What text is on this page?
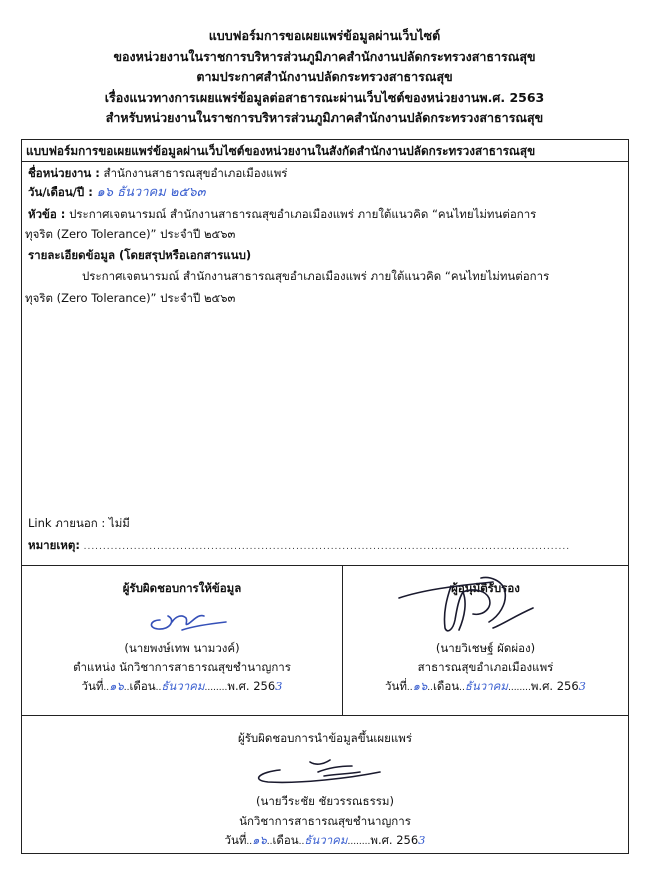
แบบฟอร์มการขอเผยแพร่ข้อมูลผ่านเว็บไซต์
ของหน่วยงานในราชการบริหารส่วนภูมิภาคสำนักงานปลัดกระทรวงสาธารณสุข
ตามประกาศสำนักงานปลัดกระทรวงสาธารณสุข
เรื่องแนวทางการเผยแพร่ข้อมูลต่อสาธารณะผ่านเว็บไซต์ของหน่วยงานพ.ศ. 2563
สำหรับหน่วยงานในราชการบริหารส่วนภูมิภาคสำนักงานปลัดกระทรวงสาธารณสุข
แบบฟอร์มการขอเผยแพร่ข้อมูลผ่านเว็บไซต์ของหน่วยงานในสังกัดสำนักงานปลัดกระทรวงสาธารณสุข
ชื่อหน่วยงาน : สำนักงานสาธารณสุขอำเภอเมืองแพร่
วัน/เดือน/ปี : ๑๖ ธันวาคม ๒๕๖๓
หัวข้อ : ประกาศเจตนารมณ์ สำนักงานสาธารณสุขอำเภอเมืองแพร่ ภายใต้แนวคิด “คนไทยไม่ทนต่อการ
ทุจริต (Zero Tolerance)” ประจำปี ๒๕๖๓
รายละเอียดข้อมูล (โดยสรุปหรือเอกสารแนบ)
ประกาศเจตนารมณ์ สำนักงานสาธารณสุขอำเภอเมืองแพร่ ภายใต้แนวคิด “คนไทยไม่ทนต่อการ
ทุจริต (Zero Tolerance)” ประจำปี ๒๕๖๓
Link ภายนอก : ไม่มี
หมายเหตุ: ..............................................................................................................................
ผู้รับผิดชอบการให้ข้อมูล
(นายพงษ์เทพ นามวงค์)
ตำแหน่ง นักวิชาการสาธารณสุขชำนาญการ
วันที่..๑๖..เดือน..ธันวาคม........พ.ศ. 2563
ผู้อนุมัติรับรอง
(นายวิเชษฐ์ ผัดผ่อง)
สาธารณสุขอำเภอเมืองแพร่
วันที่..๑๖..เดือน..ธันวาคม........พ.ศ. 2563
ผู้รับผิดชอบการนำข้อมูลขึ้นเผยแพร่
(นายวีระชัย ชัยวรรณธรรม)
นักวิชาการสาธารณสุขชำนาญการ
วันที่..๑๖..เดือน..ธันวาคม........พ.ศ. 2563
